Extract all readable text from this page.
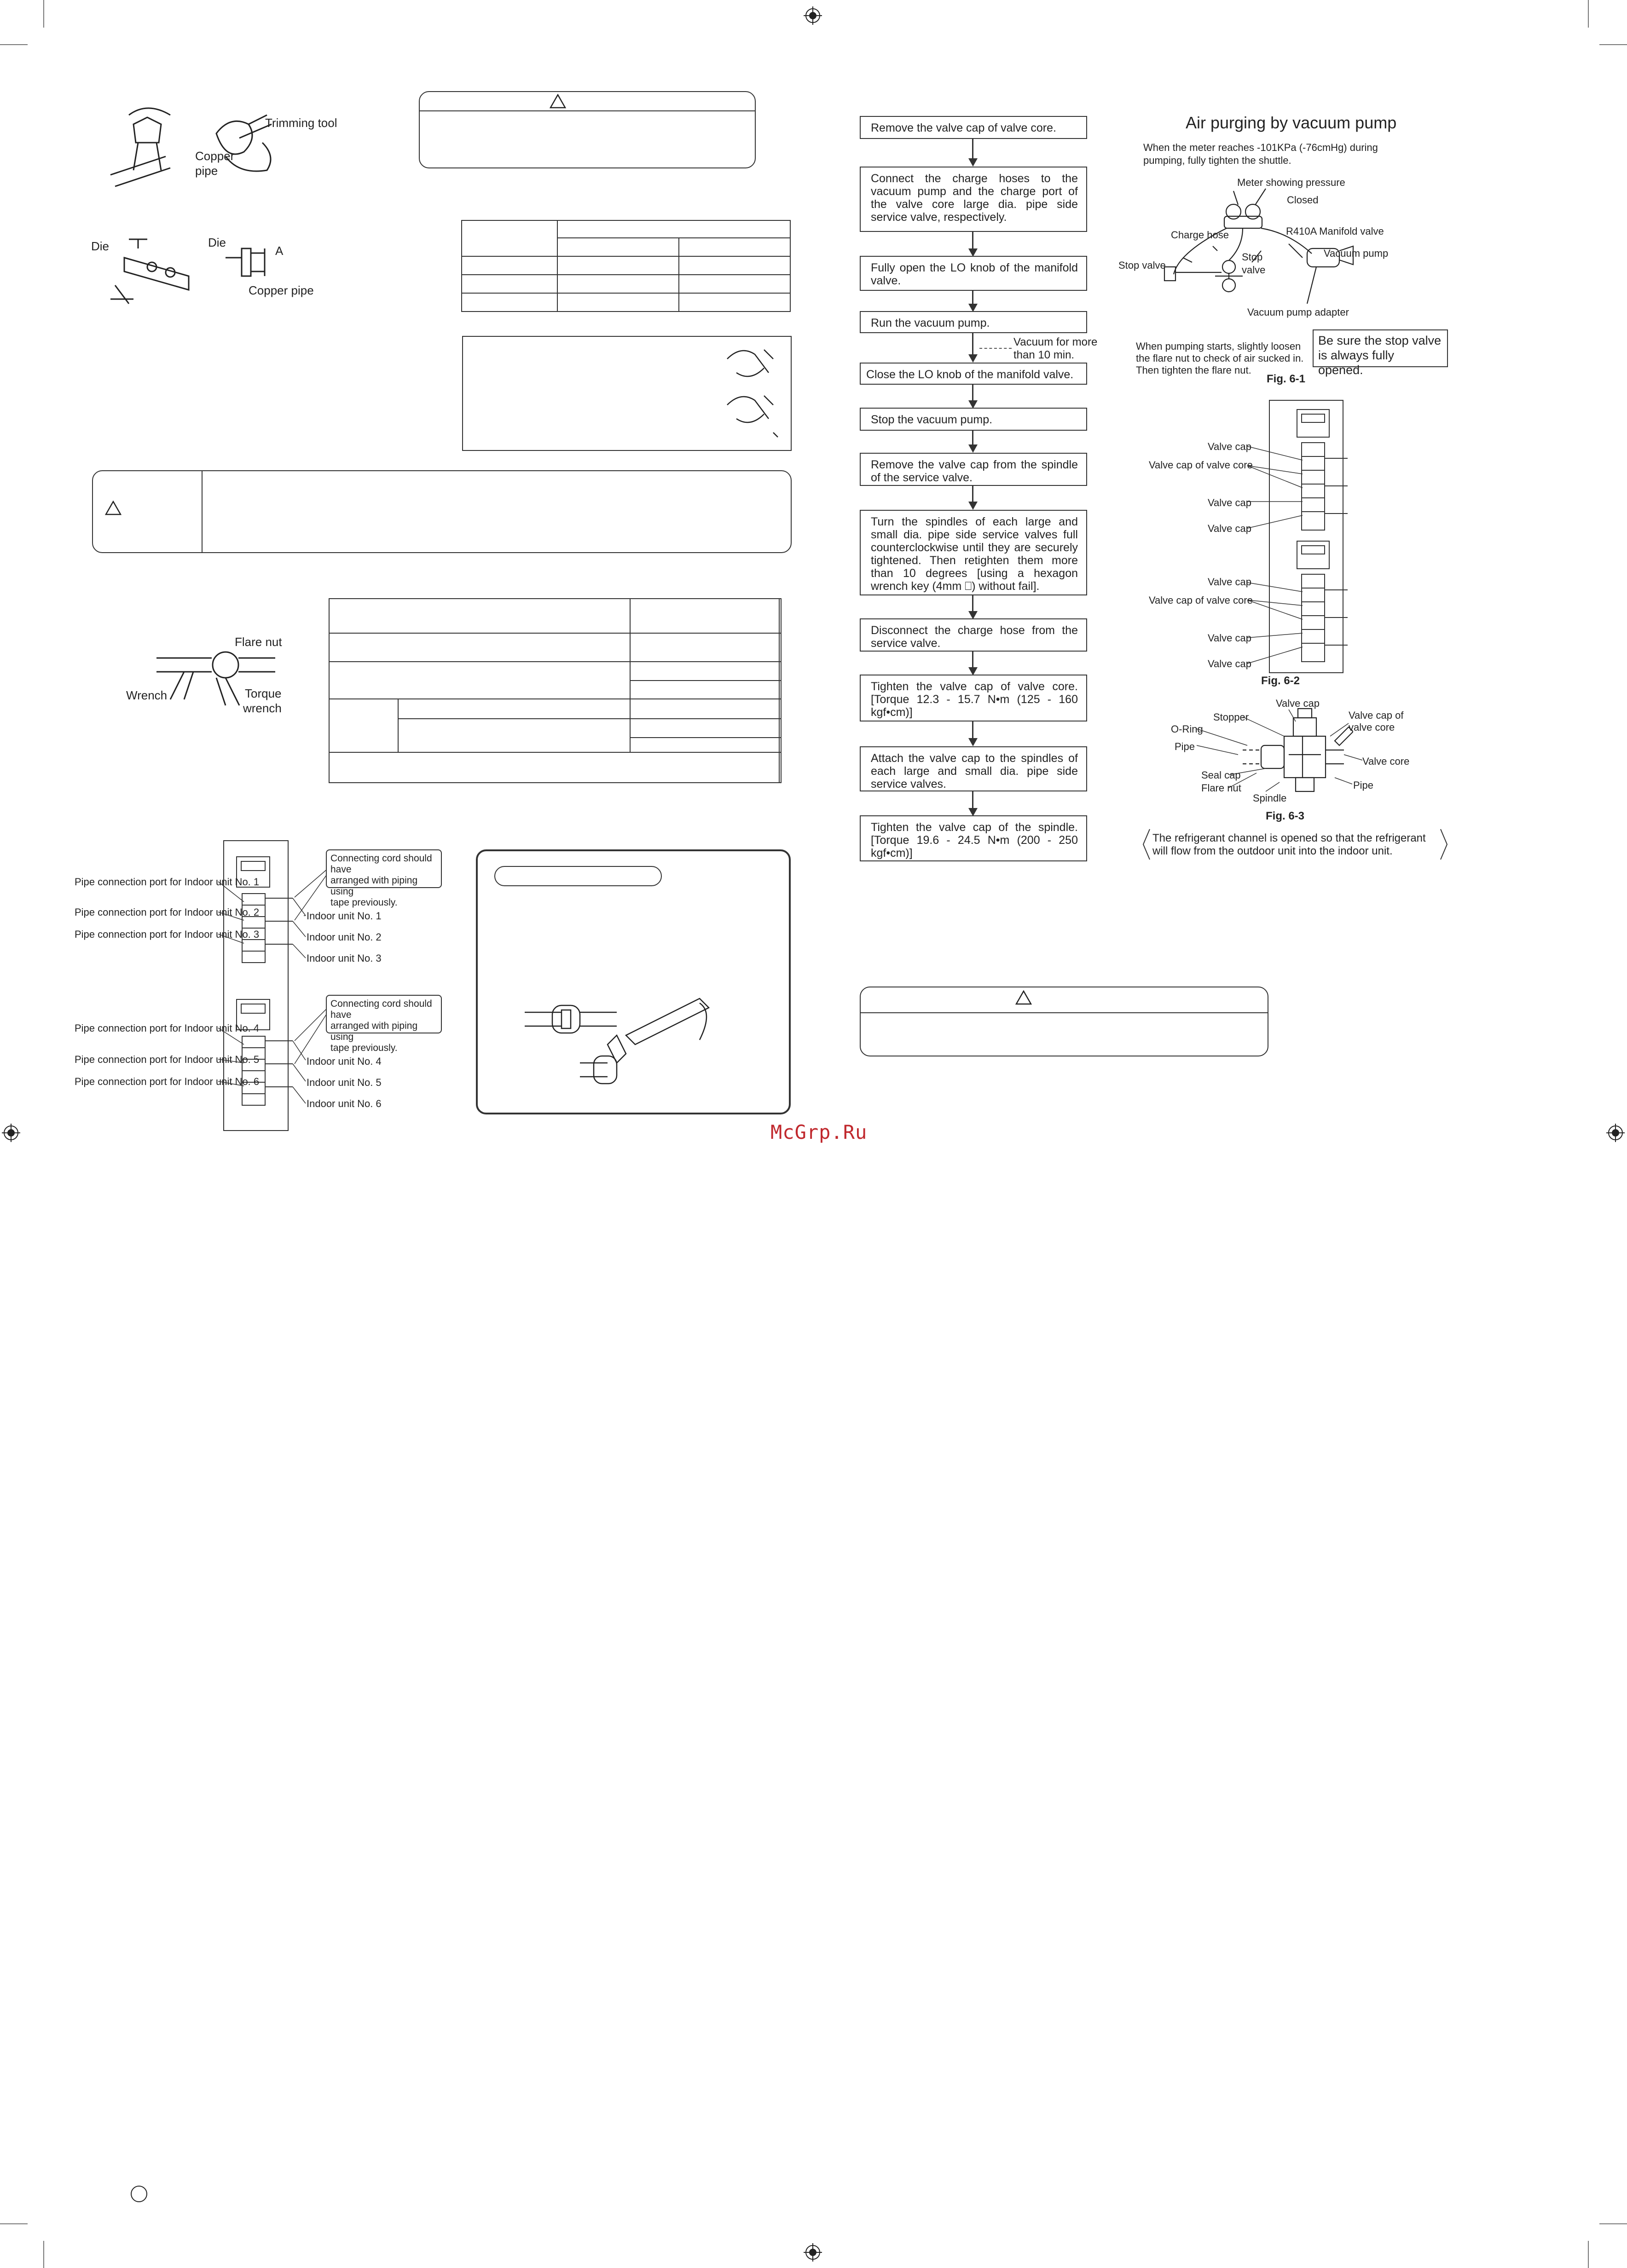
Trimming tool
Copper
pipe
Die	Die
A
Copper pipe

Flare nut
Wrench	Torque
wrench

Pipe connection port for Indoor unit No. 1
Pipe connection port for Indoor unit No. 2
Pipe connection port for Indoor unit No. 3
Pipe connection port for Indoor unit No. 4
Pipe connection port for Indoor unit No. 5
Pipe connection port for Indoor unit No. 6
Indoor unit No. 1
Indoor unit No. 2
Indoor unit No. 3
Indoor unit No. 4
Indoor unit No. 5
Indoor unit No. 6
Connecting cord should have
arranged with piping using
tape previously.
Connecting cord should have
arranged with piping using
tape previously.
Remove the valve cap of valve core.
Connect the charge hoses to the vacuum pump and the charge port of the valve core large dia. pipe side service valve, respectively.
Fully open the LO knob of the manifold valve.
Run the vacuum pump.
Vacuum for more
than 10 min.
Close the LO knob of the manifold valve.
Stop the vacuum pump.
Remove the valve cap from the spindle of the service valve.
Turn the spindles of each large and small dia. pipe side service valves full counterclockwise until they are securely tightened. Then retighten them more than 10 degrees [using a hexagon wrench key (4mm ⎕) without fail].
Disconnect the charge hose from the service valve.
Tighten the valve cap of valve core. [Torque 12.3 - 15.7 N•m (125 - 160 kgf•cm)]
Attach the valve cap to the spindles of each large and small dia. pipe side service valves.
Tighten the valve cap of the spindle. [Torque 19.6 - 24.5 N•m (200 - 250 kgf•cm)]
McGrp.Ru
Air purging by vacuum pump
When the meter reaches -101KPa (-76cmHg) during
pumping, fully tighten the shuttle.
Meter showing pressure
Closed
Charge hose	R410A Manifold valve
Stop valve
Stop
valve
Vacuum pump
Vacuum pump adapter
When pumping starts, slightly loosen
the flare nut to check of air sucked in.
Then tighten the flare nut.
Be sure the stop valve
is always fully opened.
Fig. 6-1
Valve cap
Valve cap of valve core
Valve cap
Valve cap
Valve cap
Valve cap of valve core
Valve cap
Valve cap
Fig. 6-2
Valve cap
Stopper	Valve cap of
valve core
O-Ring
Pipe
Valve core
Seal cap
Flare nut	Pipe
Spindle
Fig. 6-3
The refrigerant channel is opened so that the refrigerant
will flow from the outdoor unit into the indoor unit.
